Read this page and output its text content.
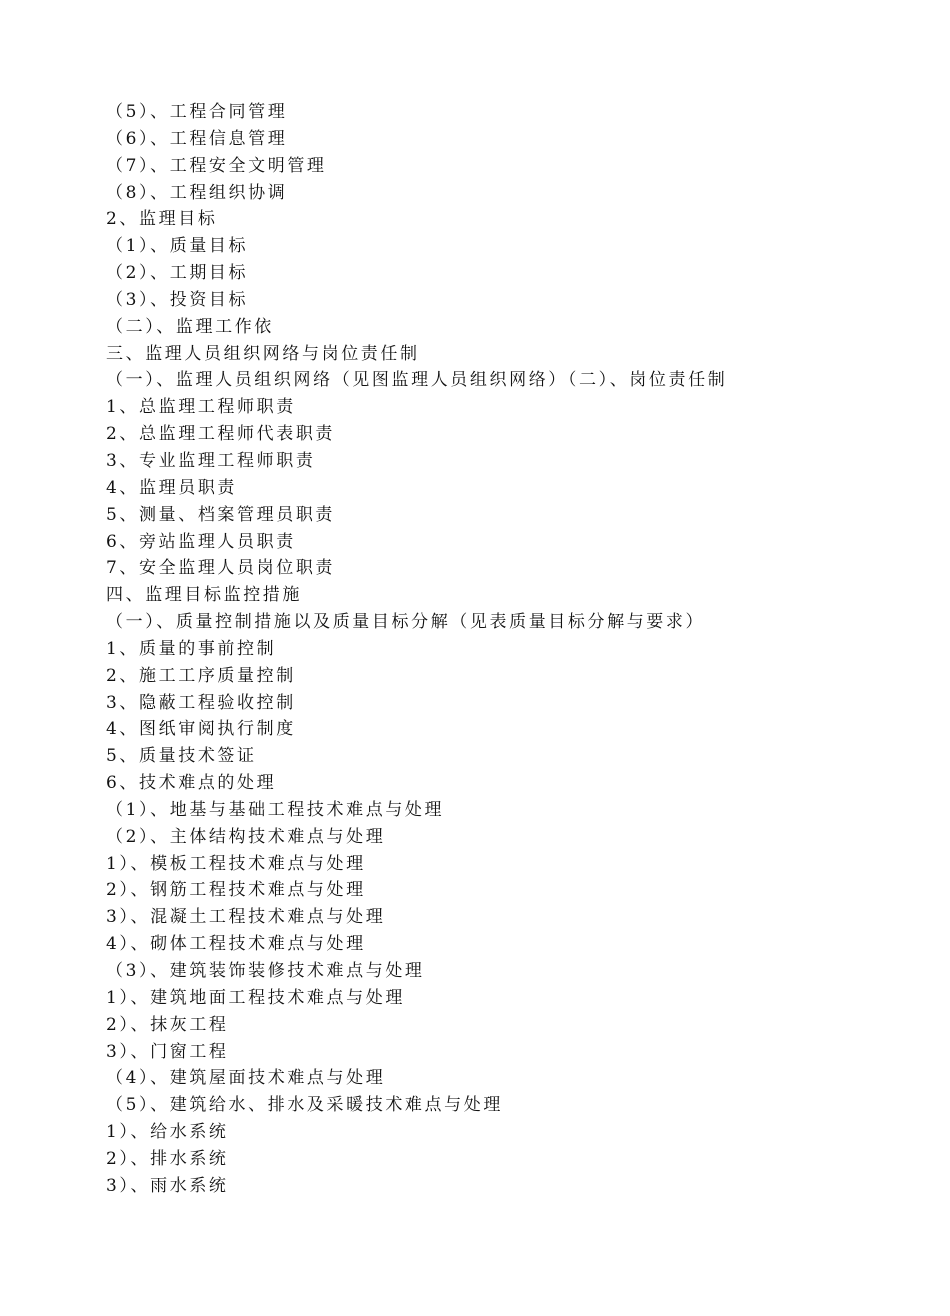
（5）、工程合同管理
（6）、工程信息管理
（7）、工程安全文明管理
（8）、工程组织协调
2、监理目标
（1）、质量目标
（2）、工期目标
（3）、投资目标
（二）、监理工作依
三、监理人员组织网络与岗位责任制
（一）、监理人员组织网络（见图监理人员组织网络）（二）、岗位责任制
1、总监理工程师职责
2、总监理工程师代表职责
3、专业监理工程师职责
4、监理员职责
5、测量、档案管理员职责
6、旁站监理人员职责
7、安全监理人员岗位职责
四、监理目标监控措施
（一）、质量控制措施以及质量目标分解（见表质量目标分解与要求）
1、质量的事前控制
2、施工工序质量控制
3、隐蔽工程验收控制
4、图纸审阅执行制度
5、质量技术签证
6、技术难点的处理
（1）、地基与基础工程技术难点与处理
（2）、主体结构技术难点与处理
1）、模板工程技术难点与处理
2）、钢筋工程技术难点与处理
3）、混凝土工程技术难点与处理
4）、砌体工程技术难点与处理
（3）、建筑装饰装修技术难点与处理
1）、建筑地面工程技术难点与处理
2）、抹灰工程
3）、门窗工程
（4）、建筑屋面技术难点与处理
（5）、建筑给水、排水及采暖技术难点与处理
1）、给水系统
2）、排水系统
3）、雨水系统
